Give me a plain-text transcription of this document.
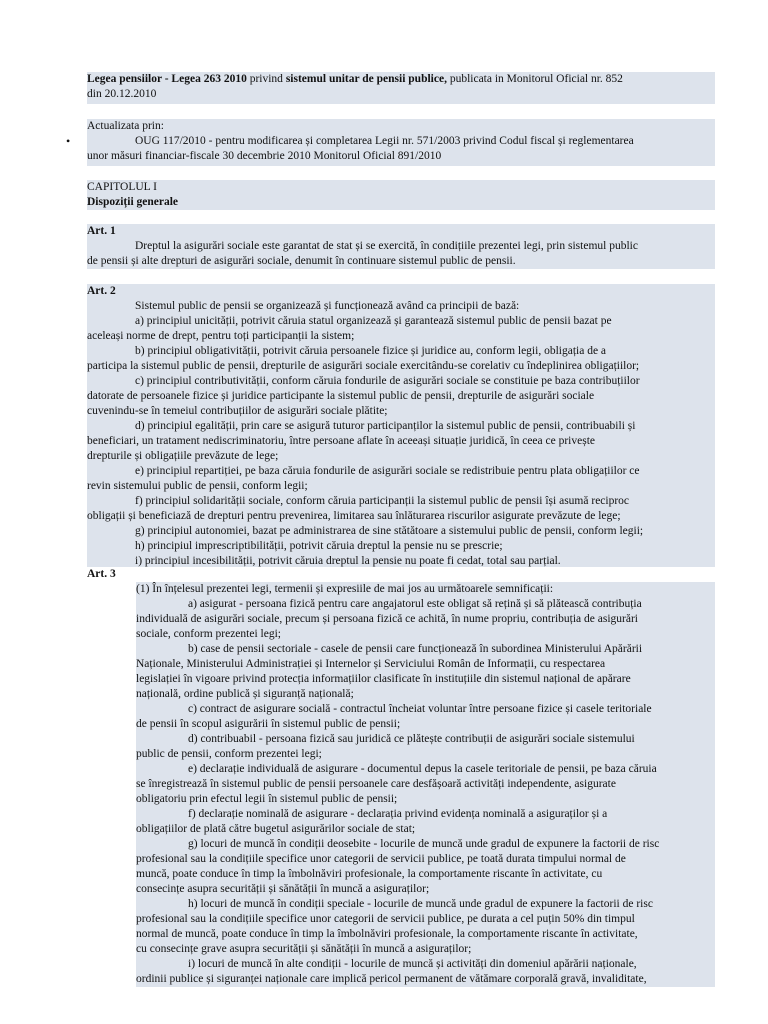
Legea pensiilor - Legea 263 2010 privind sistemul unitar de pensii publice, publicata in Monitorul Oficial nr. 852
din 20.12.2010
Actualizata prin:
OUG 117/2010 - pentru modificarea și completarea Legii nr. 571/2003 privind Codul fiscal și reglementarea
unor măsuri financiar-fiscale 30 decembrie 2010 Monitorul Oficial 891/2010
•
CAPITOLUL I
Dispoziții generale
Art. 1
Dreptul la asigurări sociale este garantat de stat și se exercită, în condițiile prezentei legi, prin sistemul public
de pensii și alte drepturi de asigurări sociale, denumit în continuare sistemul public de pensii.
Art. 2
Sistemul public de pensii se organizează și funcționează având ca principii de bază:
a) principiul unicității, potrivit căruia statul organizează și garantează sistemul public de pensii bazat pe
aceleași norme de drept, pentru toți participanții la sistem;
b) principiul obligativității, potrivit căruia persoanele fizice și juridice au, conform legii, obligația de a
participa la sistemul public de pensii, drepturile de asigurări sociale exercitându-se corelativ cu îndeplinirea obligațiilor;
c) principiul contributivității, conform căruia fondurile de asigurări sociale se constituie pe baza contribuțiilor
datorate de persoanele fizice și juridice participante la sistemul public de pensii, drepturile de asigurări sociale
cuvenindu-se în temeiul contribuțiilor de asigurări sociale plătite;
d) principiul egalității, prin care se asigură tuturor participanților la sistemul public de pensii, contribuabili și
beneficiari, un tratament nediscriminatoriu, între persoane aflate în aceeași situație juridică, în ceea ce privește
drepturile și obligațiile prevăzute de lege;
e) principiul repartiției, pe baza căruia fondurile de asigurări sociale se redistribuie pentru plata obligațiilor ce
revin sistemului public de pensii, conform legii;
f) principiul solidarității sociale, conform căruia participanții la sistemul public de pensii își asumă reciproc
obligații și beneficiază de drepturi pentru prevenirea, limitarea sau înlăturarea riscurilor asigurate prevăzute de lege;
g) principiul autonomiei, bazat pe administrarea de sine stătătoare a sistemului public de pensii, conform legii;
h) principiul imprescriptibilității, potrivit căruia dreptul la pensie nu se prescrie;
i) principiul incesibilității, potrivit căruia dreptul la pensie nu poate fi cedat, total sau parțial.
Art. 3
(1) În înțelesul prezentei legi, termenii și expresiile de mai jos au următoarele semnificații:
a) asigurat - persoana fizică pentru care angajatorul este obligat să rețină și să plătească contribuția
individuală de asigurări sociale, precum și persoana fizică ce achită, în nume propriu, contribuția de asigurări
sociale, conform prezentei legi;
b) case de pensii sectoriale - casele de pensii care funcționează în subordinea Ministerului Apărării
Naționale, Ministerului Administrației și Internelor și Serviciului Român de Informații, cu respectarea
legislației în vigoare privind protecția informațiilor clasificate în instituțiile din sistemul național de apărare
națională, ordine publică și siguranță națională;
c) contract de asigurare socială - contractul încheiat voluntar între persoane fizice și casele teritoriale
de pensii în scopul asigurării în sistemul public de pensii;
d) contribuabil - persoana fizică sau juridică ce plătește contribuții de asigurări sociale sistemului
public de pensii, conform prezentei legi;
e) declarație individuală de asigurare - documentul depus la casele teritoriale de pensii, pe baza căruia
se înregistrează în sistemul public de pensii persoanele care desfășoară activități independente, asigurate
obligatoriu prin efectul legii în sistemul public de pensii;
f) declarație nominală de asigurare - declarația privind evidența nominală a asiguraților și a
obligațiilor de plată către bugetul asigurărilor sociale de stat;
g) locuri de muncă în condiții deosebite - locurile de muncă unde gradul de expunere la factorii de risc
profesional sau la condițiile specifice unor categorii de servicii publice, pe toată durata timpului normal de
muncă, poate conduce în timp la îmbolnăviri profesionale, la comportamente riscante în activitate, cu
consecințe asupra securității și sănătății în muncă a asiguraților;
h) locuri de muncă în condiții speciale - locurile de muncă unde gradul de expunere la factorii de risc
profesional sau la condițiile specifice unor categorii de servicii publice, pe durata a cel puțin 50% din timpul
normal de muncă, poate conduce în timp la îmbolnăviri profesionale, la comportamente riscante în activitate,
cu consecințe grave asupra securității și sănătății în muncă a asiguraților;
i) locuri de muncă în alte condiții - locurile de muncă și activități din domeniul apărării naționale,
ordinii publice și siguranței naționale care implică pericol permanent de vătămare corporală gravă, invaliditate,
